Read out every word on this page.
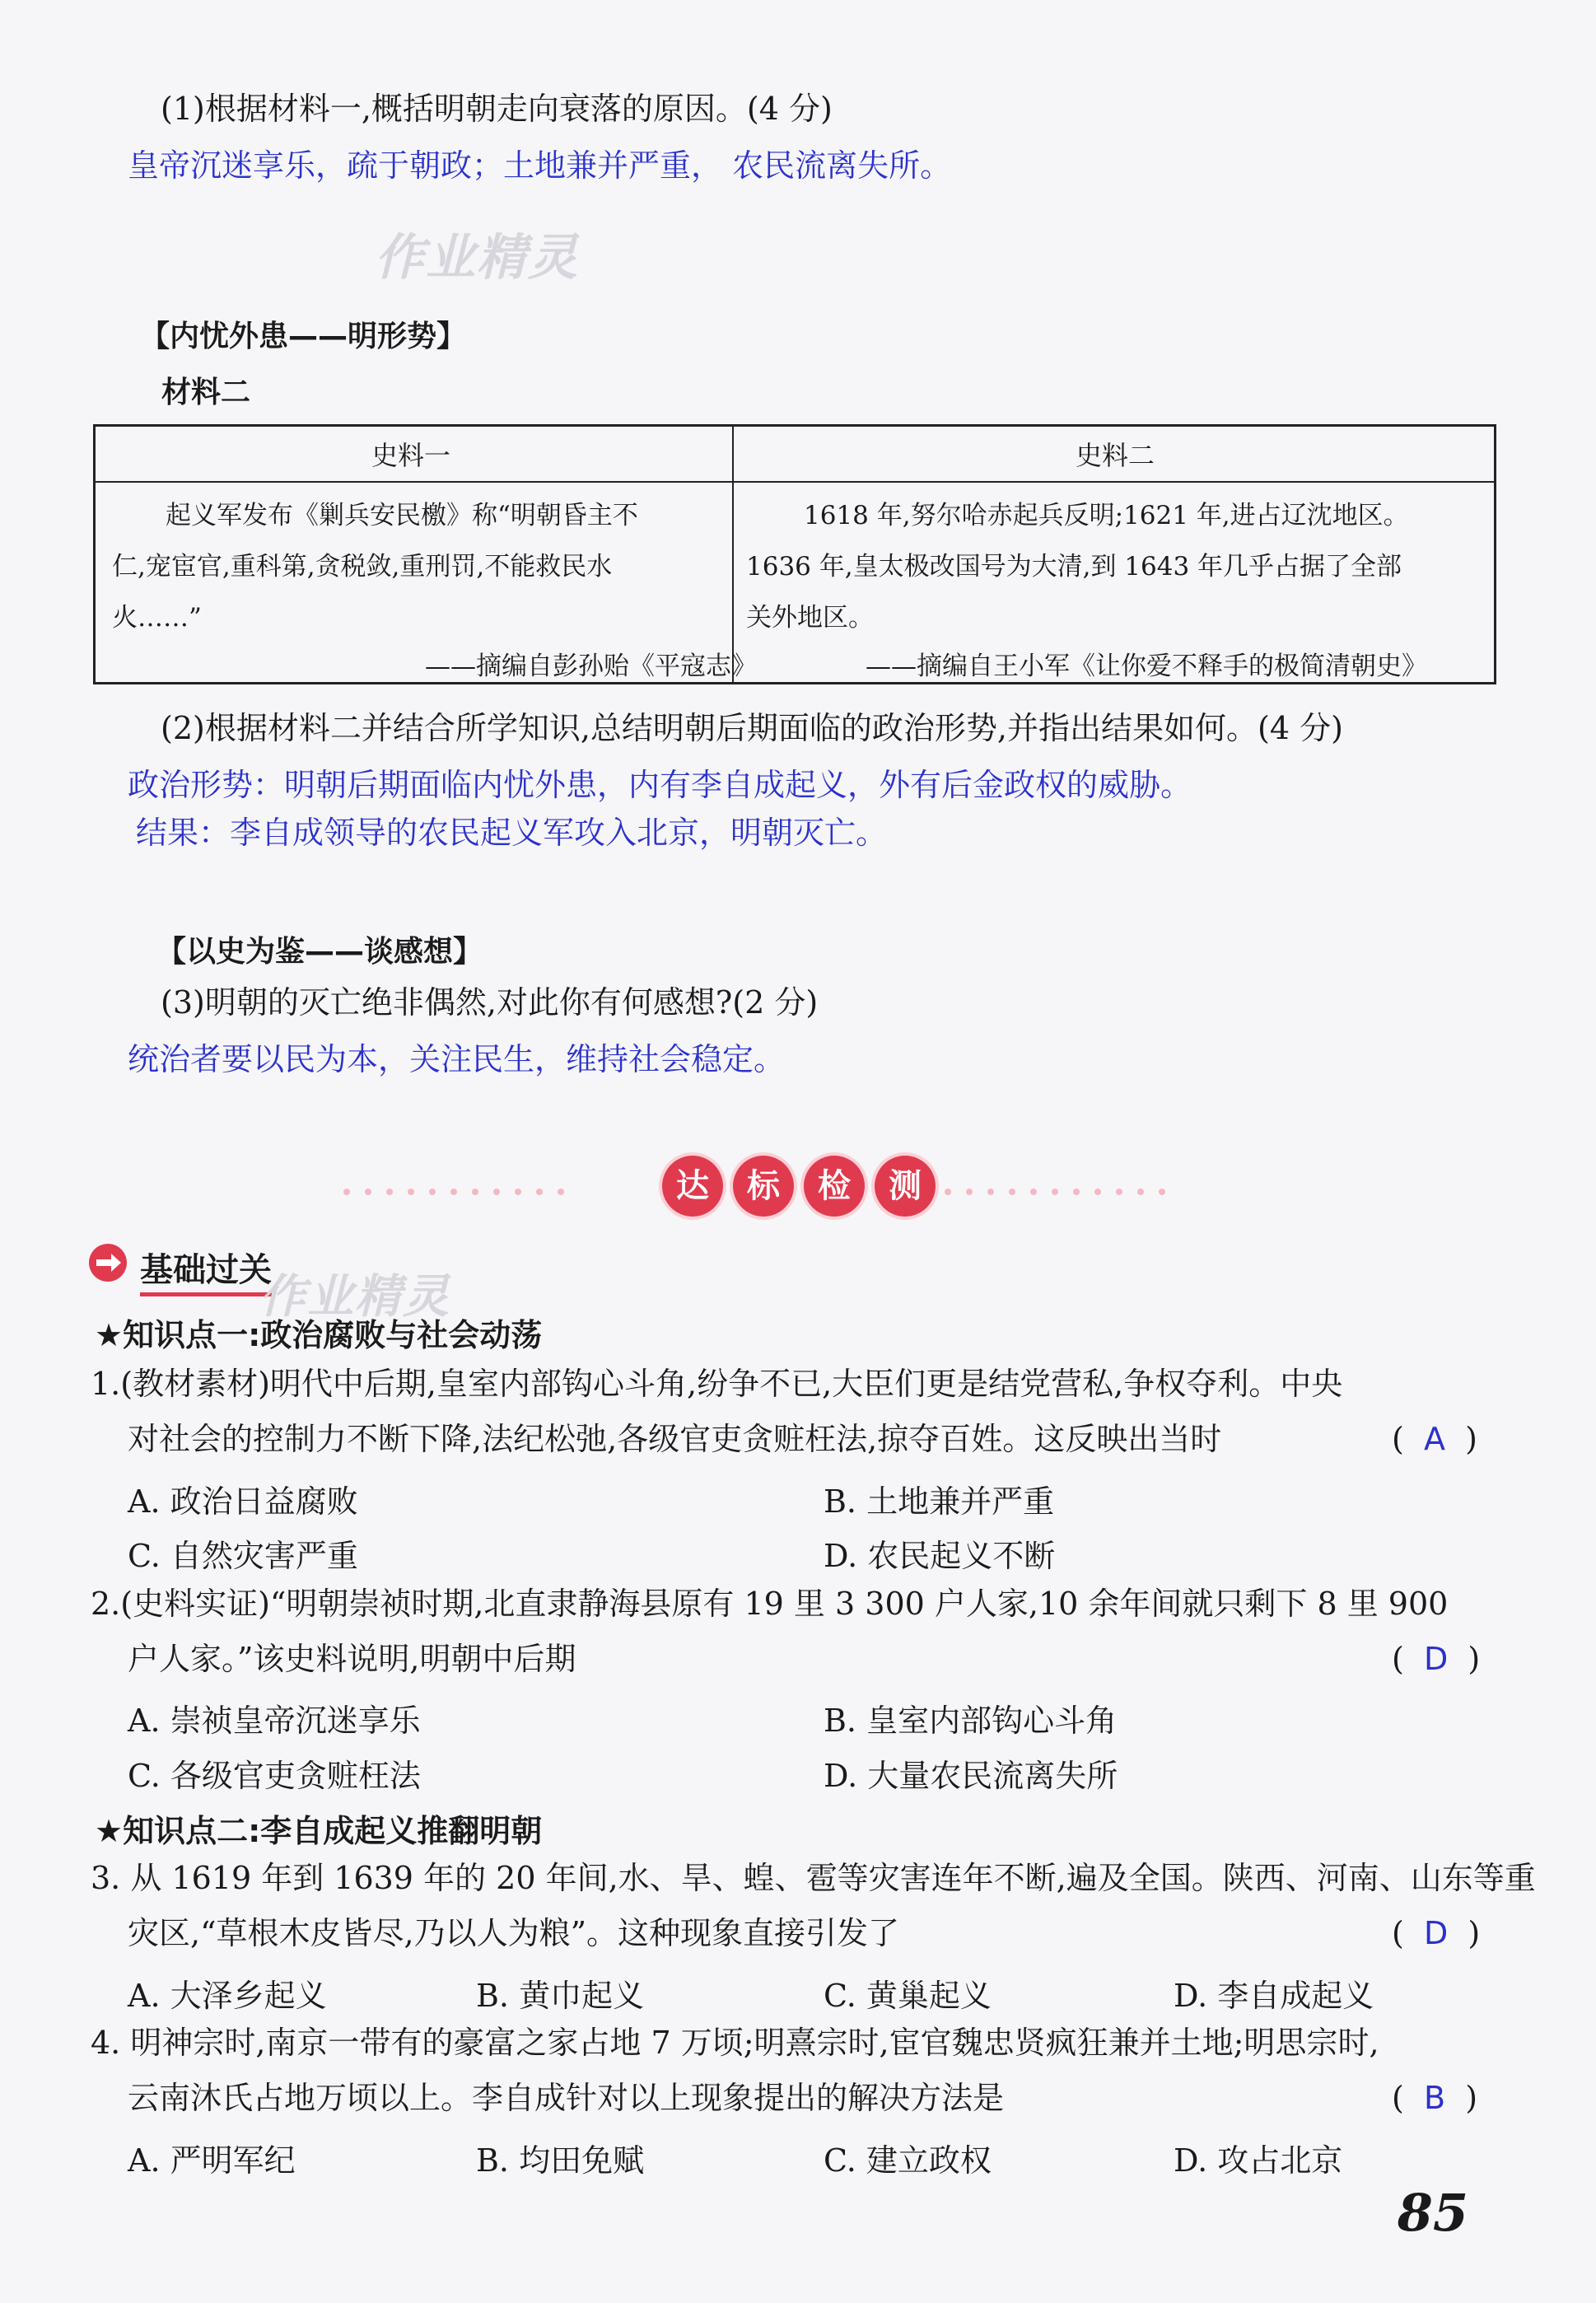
(1)根据材料一,概括明朝走向衰落的原因。(4 分)
皇帝沉迷享乐，疏于朝政；土地兼并严重， 农民流离失所。
作业精灵
【内忧外患——明形势】
材料二
史料一	史料二
起义军发布《剿兵安民檄》称“明朝昏主不
仁,宠宦官,重科第,贪税敛,重刑罚,不能救民水
火……”
——摘编自彭孙贻《平寇志》
1618 年,努尔哈赤起兵反明;1621 年,进占辽沈地区。
1636 年,皇太极改国号为大清,到 1643 年几乎占据了全部
关外地区。
——摘编自王小军《让你爱不释手的极简清朝史》
(2)根据材料二并结合所学知识,总结明朝后期面临的政治形势,并指出结果如何。(4 分)
政治形势：明朝后期面临内忧外患，内有李自成起义，外有后金政权的威胁。
结果：李自成领导的农民起义军攻入北京，明朝灭亡。
【以史为鉴——谈感想】
(3)明朝的灭亡绝非偶然,对此你有何感想?(2 分)
统治者要以民为本，关注民生，维持社会稳定。
达 标 检 测
基础过关
作业精灵
★知识点一:政治腐败与社会动荡
1.(教材素材)明代中后期,皇室内部钩心斗角,纷争不已,大臣们更是结党营私,争权夺利。中央
对社会的控制力不断下降,法纪松弛,各级官吏贪赃枉法,掠夺百姓。这反映出当时	(  A  )
A. 政治日益腐败	B. 土地兼并严重
C. 自然灾害严重	D. 农民起义不断
2.(史料实证)“明朝崇祯时期,北直隶静海县原有 19 里 3 300 户人家,10 余年间就只剩下 8 里 900
户人家。”该史料说明,明朝中后期	(  D  )
A. 崇祯皇帝沉迷享乐	B. 皇室内部钩心斗角
C. 各级官吏贪赃枉法	D. 大量农民流离失所
★知识点二:李自成起义推翻明朝
3. 从 1619 年到 1639 年的 20 年间,水、旱、蝗、雹等灾害连年不断,遍及全国。陕西、河南、山东等重
灾区,“草根木皮皆尽,乃以人为粮”。这种现象直接引发了	(  D  )
A. 大泽乡起义	B. 黄巾起义	C. 黄巢起义	D. 李自成起义
4. 明神宗时,南京一带有的豪富之家占地 7 万顷;明熹宗时,宦官魏忠贤疯狂兼并土地;明思宗时,
云南沐氏占地万顷以上。李自成针对以上现象提出的解决方法是	(  B  )
A. 严明军纪	B. 均田免赋	C. 建立政权	D. 攻占北京
85
